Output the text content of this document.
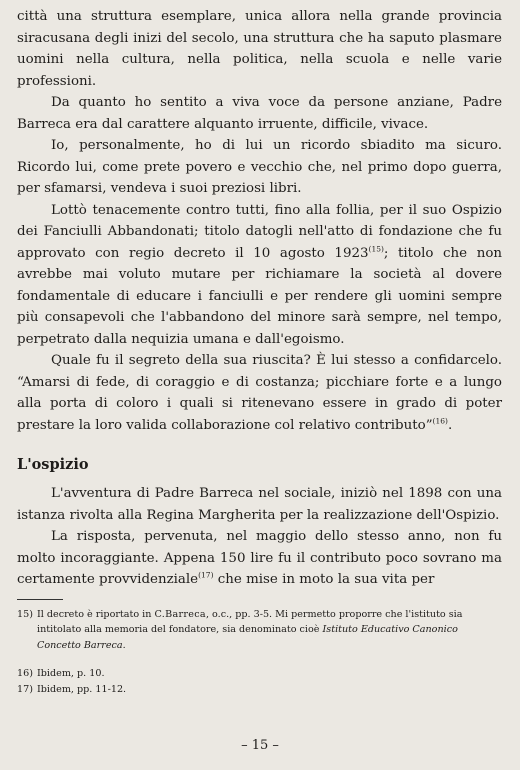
città una struttura esemplare, unica allora nella grande provincia siracusana degli inizi del secolo, una struttura che ha saputo plasmare uomini nella cultura, nella politica, nella scuola e nelle varie professioni.

Da quanto ho sentito a viva voce da persone anziane, Padre Barreca era dal carattere alquanto irruente, difficile, vivace.

Io, personalmente, ho di lui un ricordo sbiadito ma sicuro. Ricordo lui, come prete povero e vecchio che, nel primo dopo guerra, per sfamarsi, vendeva i suoi preziosi libri.

Lottò tenacemente contro tutti, fino alla follia, per il suo Ospizio dei Fanciulli Abbandonati; titolo datogli nell'atto di fondazione che fu approvato con regio decreto il 10 agosto 1923$^{(15)}$; titolo che non avrebbe mai voluto mutare per richiamare la società al dovere fondamentale di educare i fanciulli e per rendere gli uomini sempre più consapevoli che l'abbandono del minore sarà sempre, nel tempo, perpetrato dalla nequizia umana e dall'egoismo.

Quale fu il segreto della sua riuscita? È lui stesso a confidarcelo. “Amarsi di fede, di coraggio e di costanza; picchiare forte e a lungo alla porta di coloro i quali si ritenevano essere in grado di poter prestare la loro valida collaborazione col relativo contributo”$^{(16)}$.

L'ospizio

L'avventura di Padre Barreca nel sociale, iniziò nel 1898 con una istanza rivolta alla Regina Margherita per la realizzazione dell'Ospizio.

La risposta, pervenuta, nel maggio dello stesso anno, non fu molto incoraggiante. Appena 150 lire fu il contributo poco sovrano ma certamente provvidenziale$^{(17)}$ che mise in moto la sua vita per

15) Il decreto è riportato in C.Barreca, o.c., pp. 3-5. Mi permetto proporre che l'istituto sia

intitolato alla memoria del fondatore, sia denominato cioè Istituto Educativo Canonico

Concetto Barreca.

16) Ibidem, p. 10.

17) Ibidem, pp. 11-12.

– 15 –
